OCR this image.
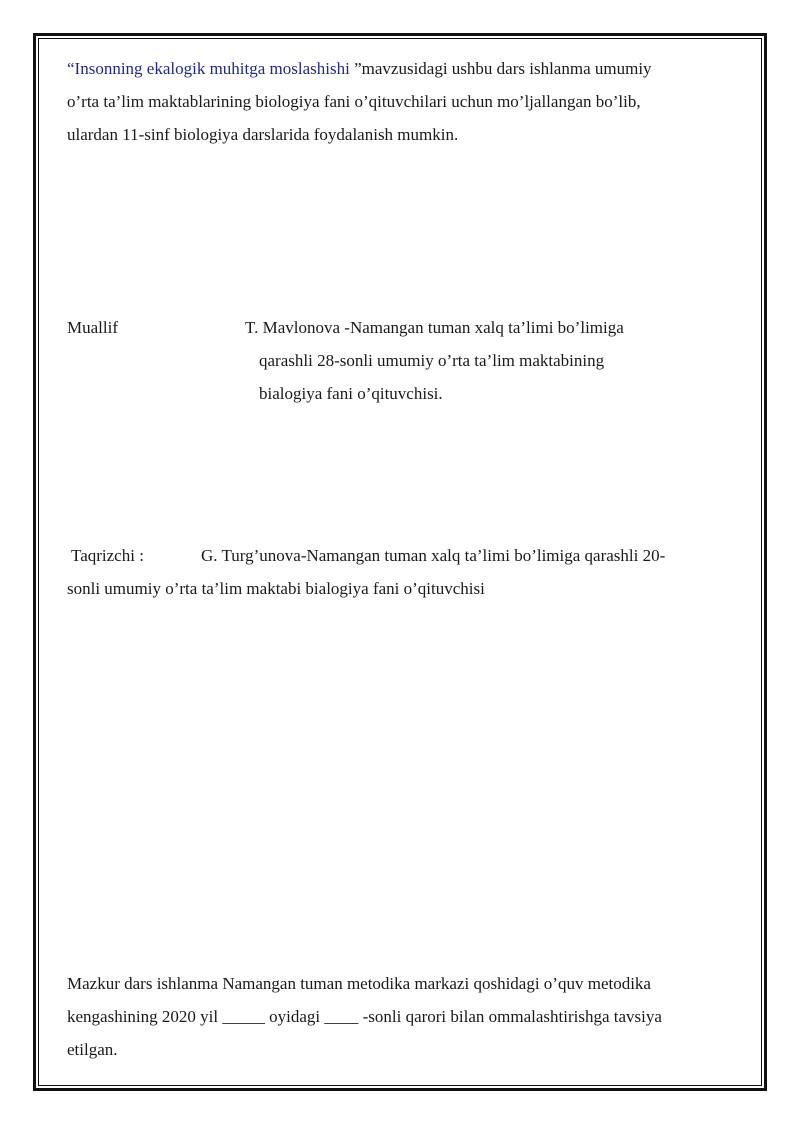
“Insonning ekalogik muhitga moslashishi ”mavzusidagi ushbu dars ishlanma umumiy
o’rta ta’lim maktablarining biologiya fani o’qituvchilari uchun mo’ljallangan bo’lib,
ulardan 11-sinf biologiya darslarida foydalanish mumkin.
Muallif	T. Mavlonova -Namangan tuman xalq ta’limi bo’limiga
qarashli 28-sonli umumiy o’rta ta’lim maktabining
bialogiya fani o’qituvchisi.
Taqrizchi :	G. Turg’unova-Namangan tuman xalq ta’limi bo’limiga qarashli 20-
sonli umumiy o’rta ta’lim maktabi bialogiya fani o’qituvchisi
Mazkur dars ishlanma Namangan tuman metodika markazi qoshidagi o’quv metodika
kengashining 2020 yil _____ oyidagi ____ -sonli qarori bilan ommalashtirishga tavsiya
etilgan.
